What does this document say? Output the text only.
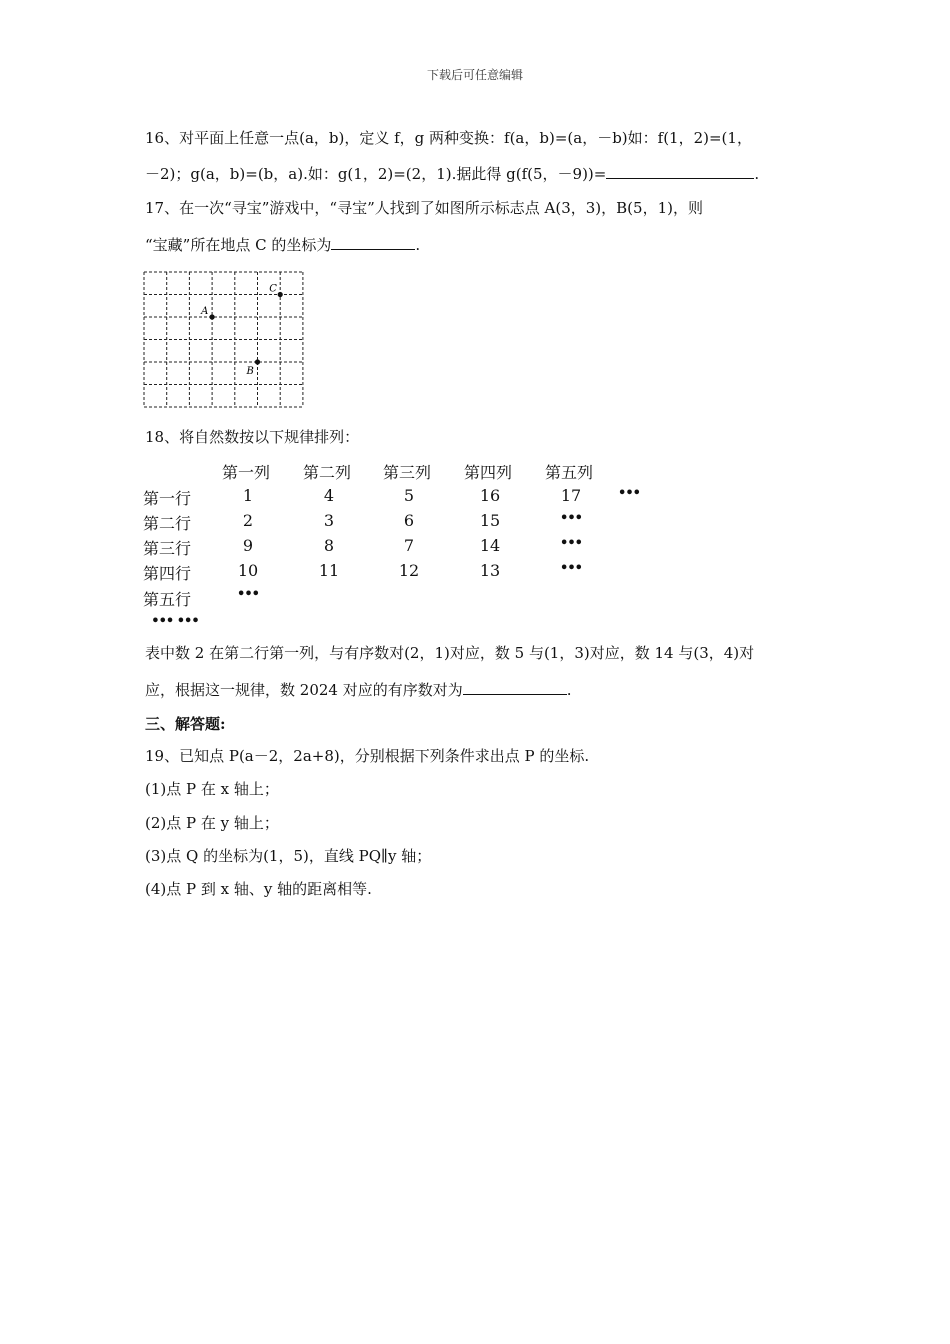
下载后可任意编辑
16、对平面上任意一点(a，b)，定义 f，g 两种变换：f(a，b)=(a，－b)如：f(1，2)=(1，
－2)；g(a，b)=(b，a).如：g(1，2)=(2，1).据此得 g(f(5，－9))=	.
17、在一次“寻宝”游戏中，“寻宝”人找到了如图所示标志点 A(3，3)，B(5，1)，则
“宝藏”所在地点 C 的坐标为	.
C
A
B
18、将自然数按以下规律排列：
第一列 第二列 第三列 第四列 第五列
第一行	1	4	5	16	17	•••
第二行	2	3	6	15	•••
第三行	9	8	7	14	•••
第四行	10	11	12	13	•••
第五行	•••
••• •••
表中数 2 在第二行第一列，与有序数对(2，1)对应，数 5 与(1，3)对应，数 14 与(3，4)对
应，根据这一规律，数 2024 对应的有序数对为	.
三、解答题:
19、已知点 P(a－2，2a+8)，分别根据下列条件求出点 P 的坐标.
(1)点 P 在 x 轴上；
(2)点 P 在 y 轴上；
(3)点 Q 的坐标为(1，5)，直线 PQ∥y 轴；
(4)点 P 到 x 轴、y 轴的距离相等.
